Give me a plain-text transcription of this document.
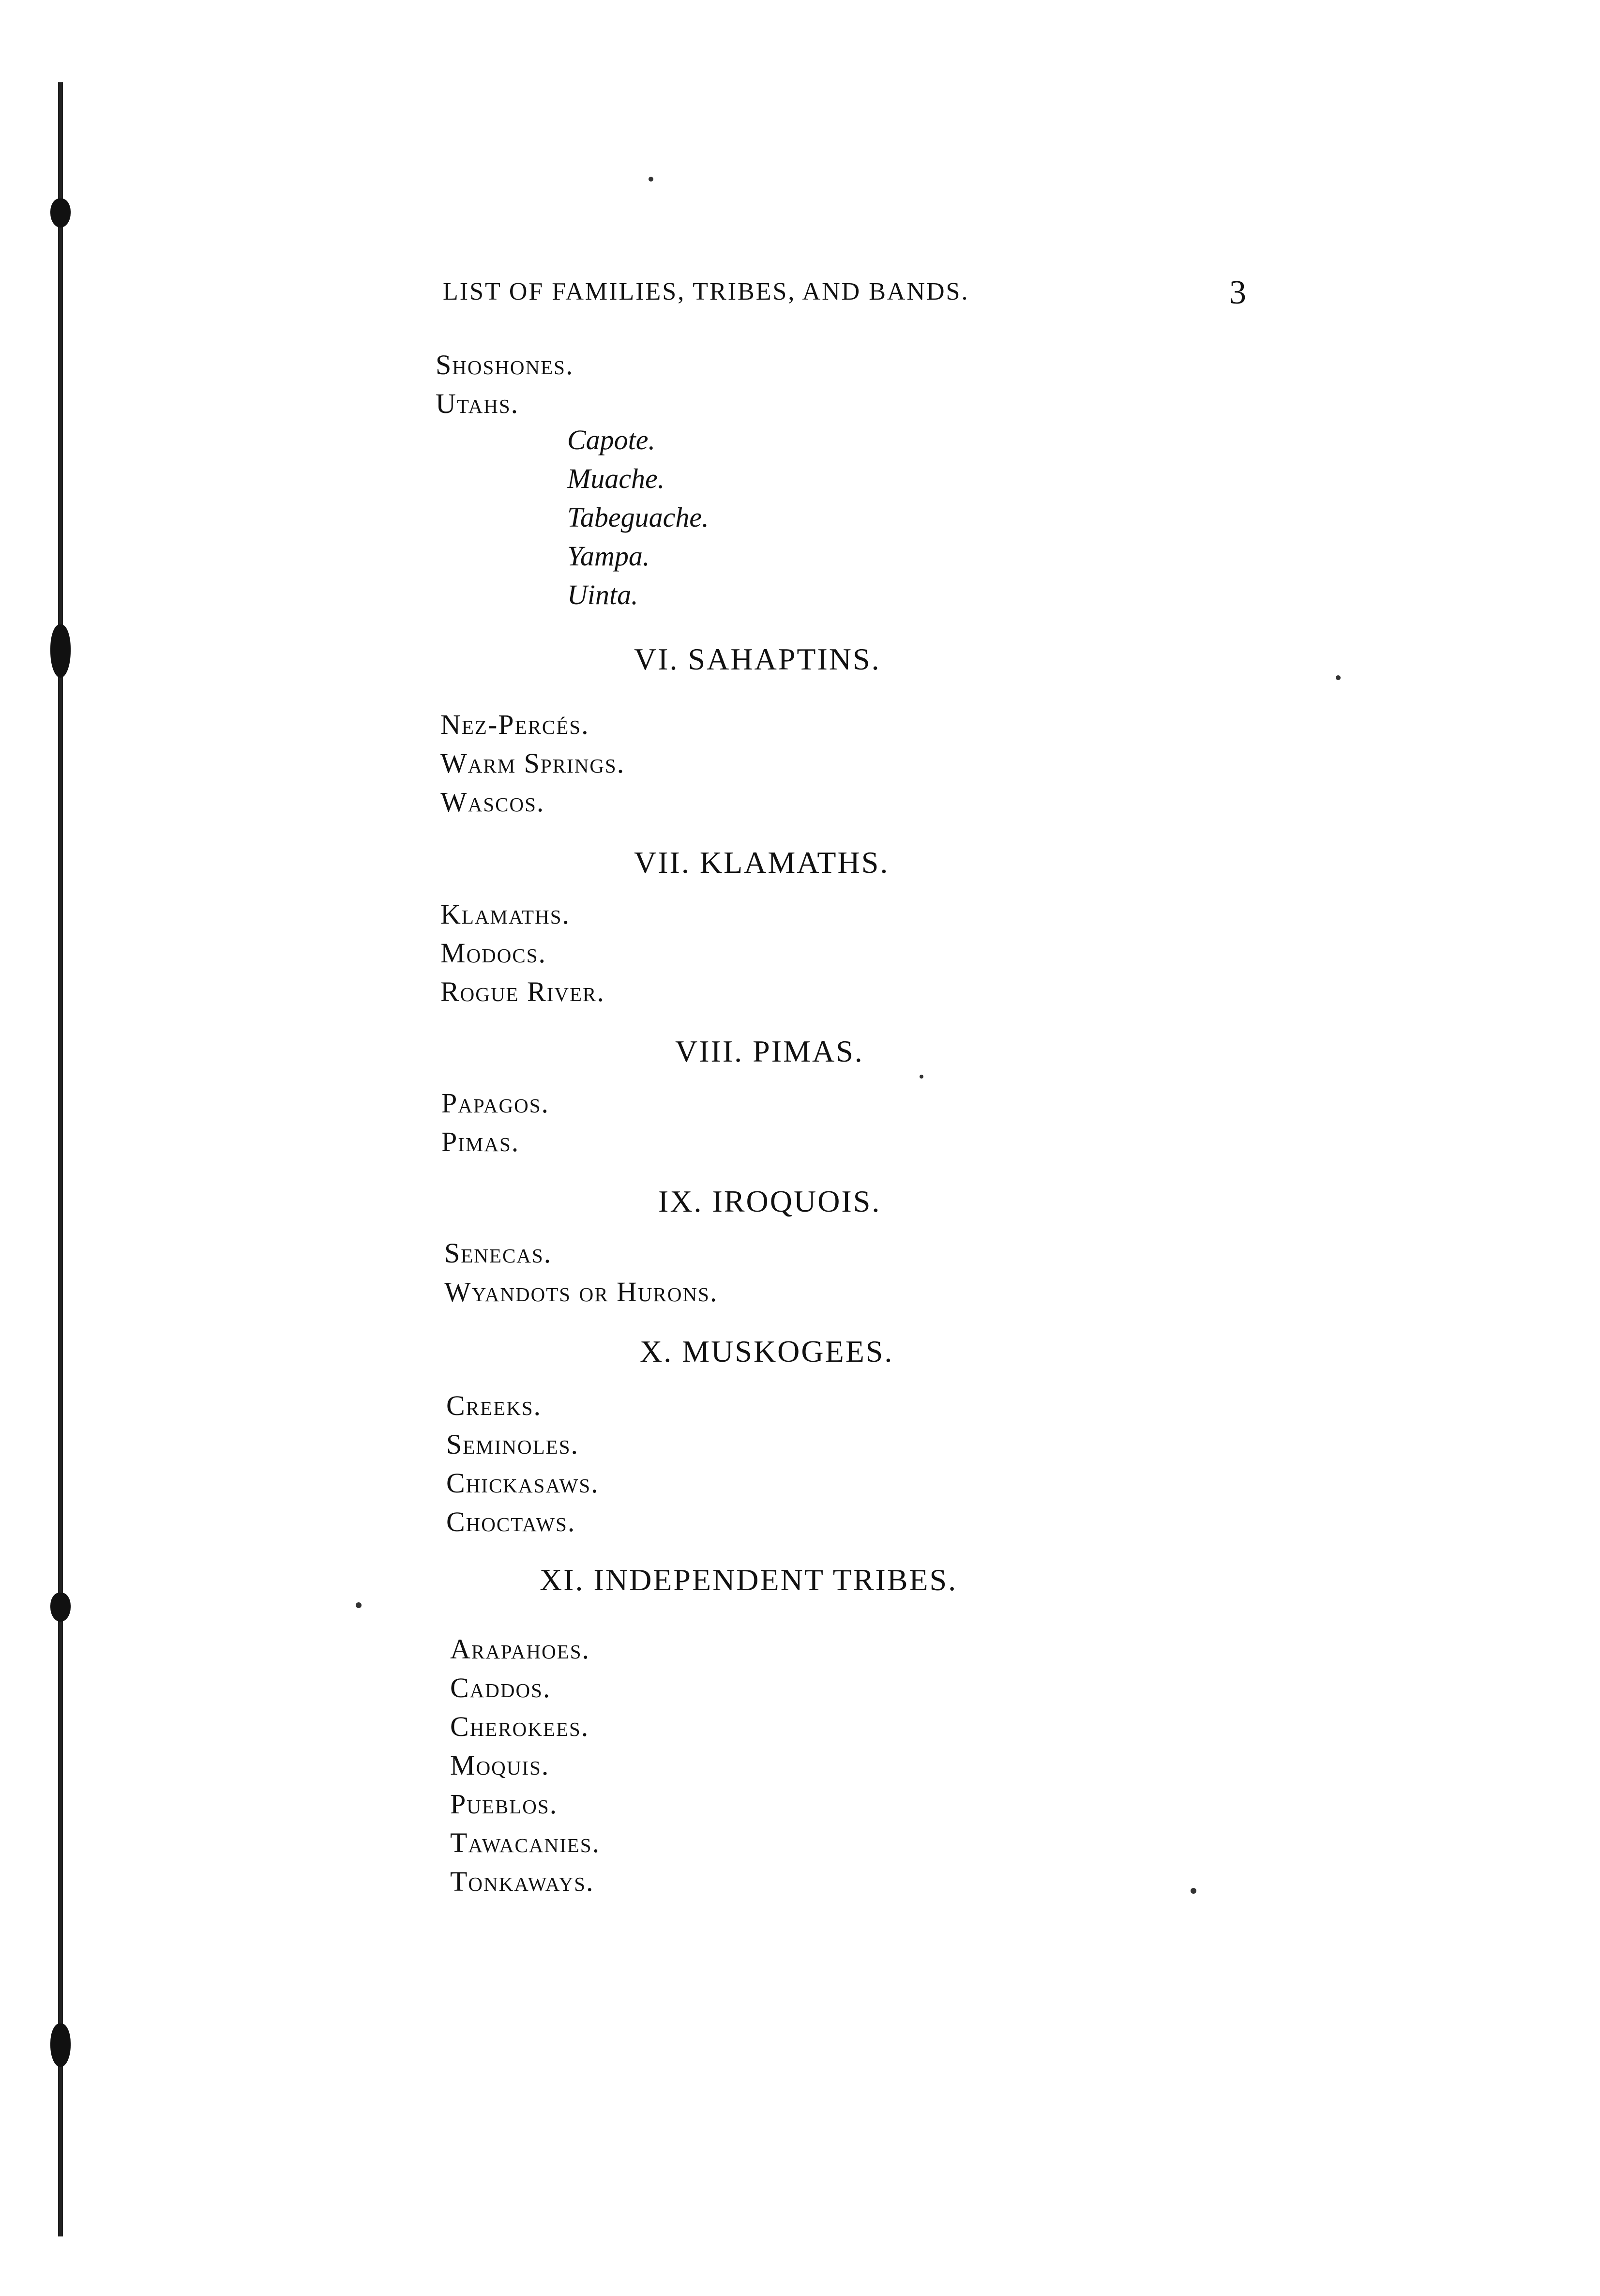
LIST OF FAMILIES, TRIBES, AND BANDS.	3
Shoshones.
Utahs.
Capote.
Muache.
Tabeguache.
Yampa.
Uinta.
VI. SAHAPTINS.
Nez-Percés.
Warm Springs.
Wascos.
VII. KLAMATHS.
Klamaths.
Modocs.
Rogue River.
VIII. PIMAS.
Papagos.
Pimas.
IX. IROQUOIS.
Senecas.
Wyandots or Hurons.
X. MUSKOGEES.
Creeks.
Seminoles.
Chickasaws.
Choctaws.
XI. INDEPENDENT TRIBES.
Arapahoes.
Caddos.
Cherokees.
Moquis.
Pueblos.
Tawacanies.
Tonkaways.
